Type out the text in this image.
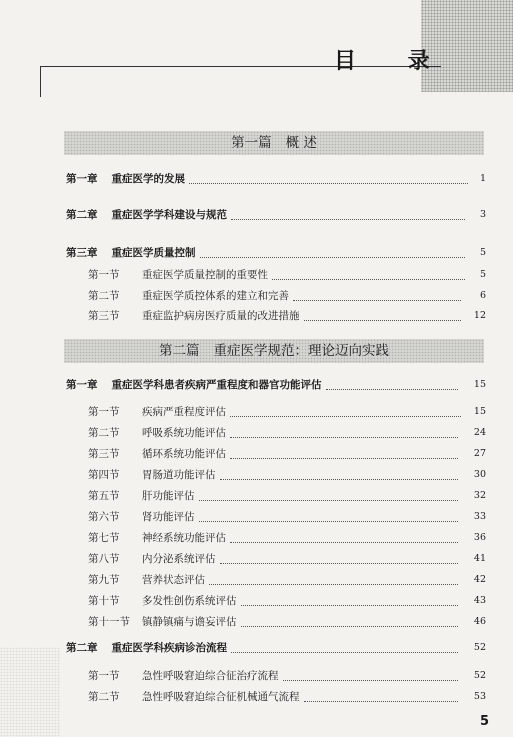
目 录
第一篇 概 述
第二篇 重症医学规范：理论迈向实践
第一章 重症医学的发展	1
第二章 重症医学学科建设与规范	3
第三章 重症医学质量控制	5
第一节	重症医学质量控制的重要性	5
第二节	重症医学质控体系的建立和完善	6
第三节	重症监护病房医疗质量的改进措施	12
第一章 重症医学科患者疾病严重程度和器官功能评估	15
第一节	疾病严重程度评估	15
第二节	呼吸系统功能评估	24
第三节	循环系统功能评估	27
第四节	胃肠道功能评估	30
第五节	肝功能评估	32
第六节	肾功能评估	33
第七节	神经系统功能评估	36
第八节	内分泌系统评估	41
第九节	营养状态评估	42
第十节	多发性创伤系统评估	43
第十一节	镇静镇痛与谵妄评估	46
第二章 重症医学科疾病诊治流程	52
第一节	急性呼吸窘迫综合征治疗流程	52
第二节	急性呼吸窘迫综合征机械通气流程	53
5
